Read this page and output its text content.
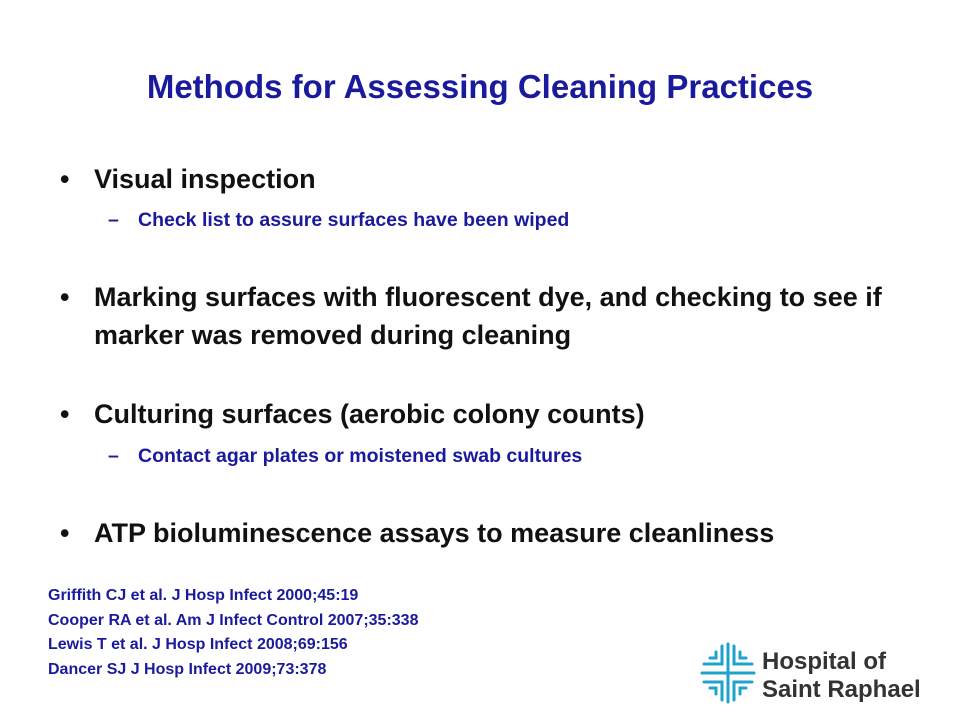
Methods for Assessing Cleaning Practices
• Visual inspection
– Check list to assure surfaces have been wiped
• Marking surfaces with fluorescent dye, and checking to see if marker was removed during cleaning
• Culturing surfaces (aerobic colony counts)
– Contact agar plates or moistened swab cultures
• ATP bioluminescence assays to measure cleanliness
Griffith CJ et al. J Hosp Infect 2000;45:19
Cooper RA et al. Am J Infect Control 2007;35:338
Lewis T et al. J Hosp Infect 2008;69:156
Dancer SJ J Hosp Infect 2009;73:378	Hospital of
Saint Raphael
